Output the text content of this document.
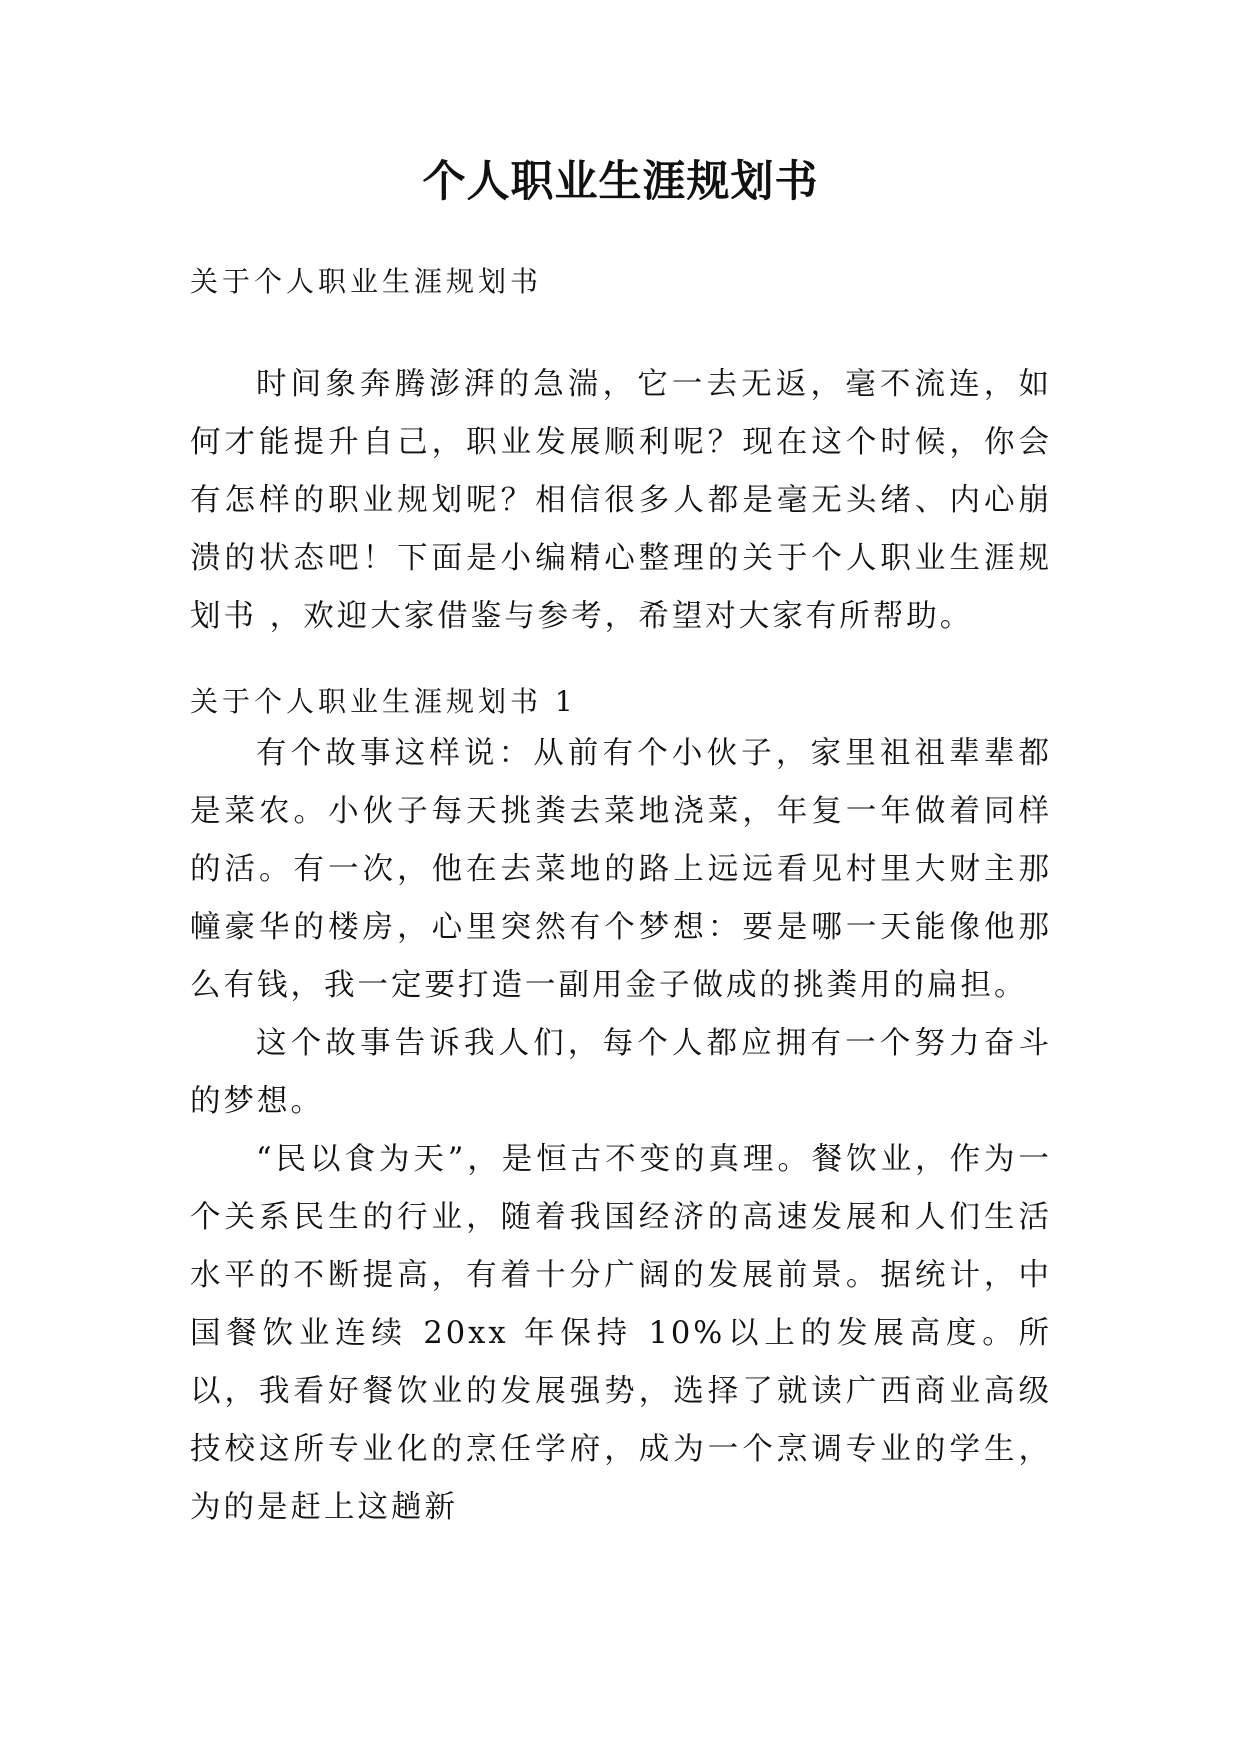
个人职业生涯规划书
关于个人职业生涯规划书

时间象奔腾澎湃的急湍，它一去无返，毫不流连，如何才能提升自己，职业发展顺利呢？现在这个时候，你会有怎样的职业规划呢？相信很多人都是毫无头绪、内心崩溃的状态吧！下面是小编精心整理的关于个人职业生涯规划书 ，欢迎大家借鉴与参考，希望对大家有所帮助。

关于个人职业生涯规划书 1

有个故事这样说：从前有个小伙子，家里祖祖辈辈都是菜农。小伙子每天挑粪去菜地浇菜，年复一年做着同样的活。有一次，他在去菜地的路上远远看见村里大财主那幢豪华的楼房，心里突然有个梦想：要是哪一天能像他那么有钱，我一定要打造一副用金子做成的挑粪用的扁担。

这个故事告诉我人们，每个人都应拥有一个努力奋斗的梦想。

“民以食为天”，是恒古不变的真理。餐饮业，作为一个关系民生的行业，随着我国经济的高速发展和人们生活水平的不断提高，有着十分广阔的发展前景。据统计，中国餐饮业连续 20xx 年保持 10%以上的发展高度。所以，我看好餐饮业的发展强势，选择了就读广西商业高级技校这所专业化的烹任学府，成为一个烹调专业的学生，为的是赶上这趟新
